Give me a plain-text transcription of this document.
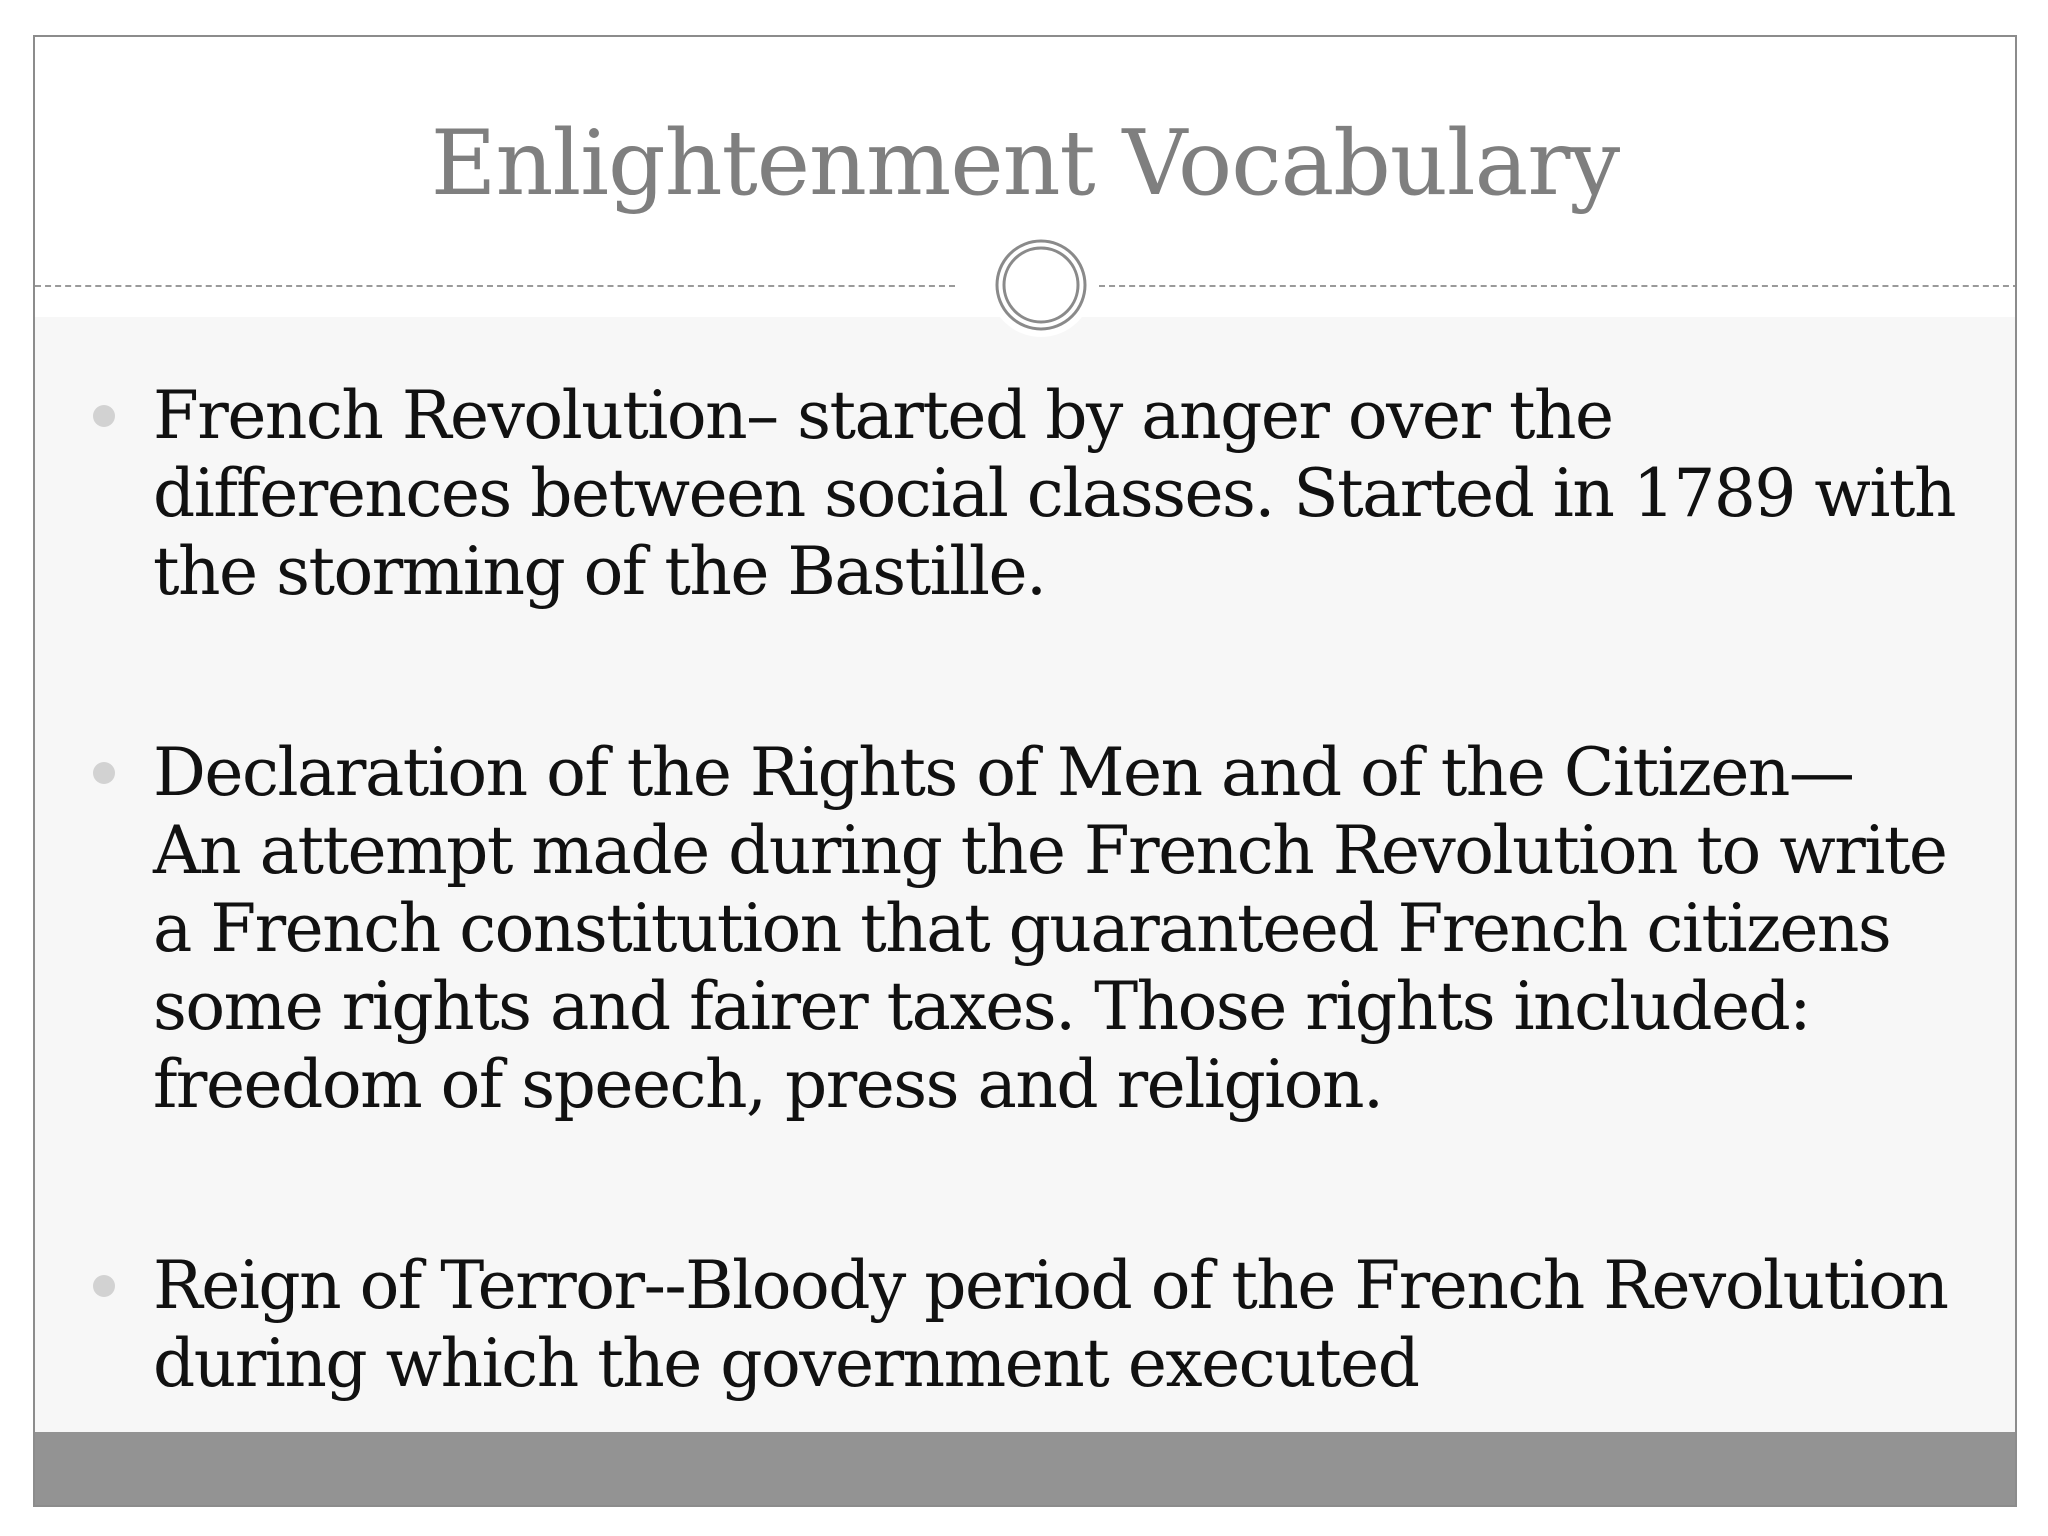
Enlightenment Vocabulary
French Revolution– started by anger over the differences between social classes. Started in 1789 with the storming of the Bastille.
Declaration of the Rights of Men and of the Citizen— An attempt made during the French Revolution to write a French constitution that guaranteed French citizens some rights and fairer taxes. Those rights included: freedom of speech, press and religion.
Reign of Terror--Bloody period of the French Revolution during which the government executed
